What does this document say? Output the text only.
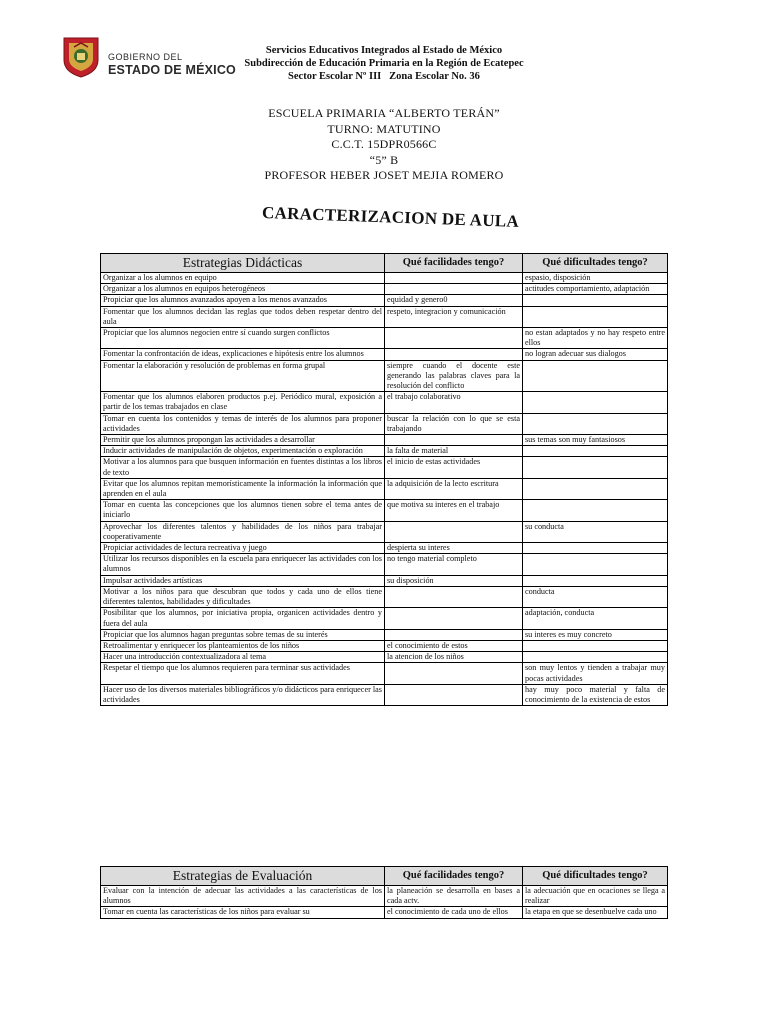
GOBIERNO DEL
ESTADO DE MÉXICO
Servicios Educativos Integrados al Estado de México
Subdirección de Educación Primaria en la Región de Ecatepec
Sector Escolar Nº III   Zona Escolar No. 36
ESCUELA PRIMARIA “ALBERTO TERÁN”
TURNO: MATUTINO
C.C.T. 15DPR0566C
“5” B
PROFESOR HEBER JOSET MEJIA ROMERO
CARACTERIZACION DE AULA
Estrategias Didácticas	Qué facilidades tengo?	Qué dificultades tengo?
Organizar a los alumnos en equipo		espasio, disposición
Organizar a los alumnos en equipos heterogéneos		actitudes comportamiento, adaptación
Propiciar que los alumnos avanzados apoyen a los menos avanzados	equidad y genero0	
Fomentar que los alumnos decidan las reglas que todos deben respetar dentro del aula	respeto, integracion y comunicación	
Propiciar que los alumnos negocien entre sí cuando surgen conflictos		no estan adaptados y no hay respeto entre ellos
Fomentar la confrontación de ideas, explicaciones e hipótesis entre los alumnos		no logran adecuar sus dialogos
Fomentar la elaboración y resolución de problemas en forma grupal	siempre cuando el docente este generando las palabras claves para la resolución del conflicto	
Fomentar que los alumnos elaboren productos p.ej. Periódico mural, exposición a partir de los temas trabajados en clase	el trabajo colaborativo	
Tomar en cuenta los contenidos y temas de interés de los alumnos para proponer actividades	buscar la relación con lo que se esta trabajando	
Permitir que los alumnos propongan las actividades a desarrollar		sus temas son muy fantasiosos
Inducir actividades de manipulación de objetos, experimentación o exploración	la falta de material	
Motivar a los alumnos para que busquen información en fuentes distintas a los libros de texto	el inicio de estas actividades	
Evitar que los alumnos repitan memorísticamente la información la información que aprenden en el aula	la adquisición de la lecto escritura	
Tomar en cuenta las concepciones que los alumnos tienen sobre el tema antes de iniciarlo	que motiva su interes en el trabajo	
Aprovechar los diferentes talentos y habilidades de los niños para trabajar cooperativamente		su conducta
Propiciar actividades de lectura recreativa y juego	despierta su interes	
Utilizar los recursos disponibles en la escuela para enriquecer las actividades con los alumnos	no tengo material completo	
Impulsar actividades artísticas	su disposición	
Motivar a los niños para que descubran que todos y cada uno de ellos tiene diferentes talentos, habilidades y dificultades		conducta
Posibilitar que los alumnos, por iniciativa propia, organicen actividades dentro y fuera del aula		adaptación, conducta
Propiciar que los alumnos hagan preguntas sobre temas de su interés		su interes es muy concreto
Retroalimentar y enriquecer los planteamientos de los niños	el conocimiento de estos	
Hacer una introducción contextualizadora al tema	la atencion de los niños	
Respetar el tiempo que los alumnos requieren para terminar sus actividades		son muy lentos y tienden a trabajar muy pocas actividades
Hacer uso de los diversos materiales bibliográficos y/o didácticos para enriquecer las actividades		hay muy poco material y falta de conocimiento de la existencia de estos
Estrategias de Evaluación	Qué facilidades tengo?	Qué dificultades tengo?
Evaluar con la intención de adecuar las actividades a las características de los alumnos	la planeación se desarrolla en bases a cada actv.	la adecuación que en ocaciones se llega a realizar
Tomar en cuenta las características de los niños para evaluar su	el conocimiento de cada uno de ellos	la etapa en que se desenbuelve cada uno
